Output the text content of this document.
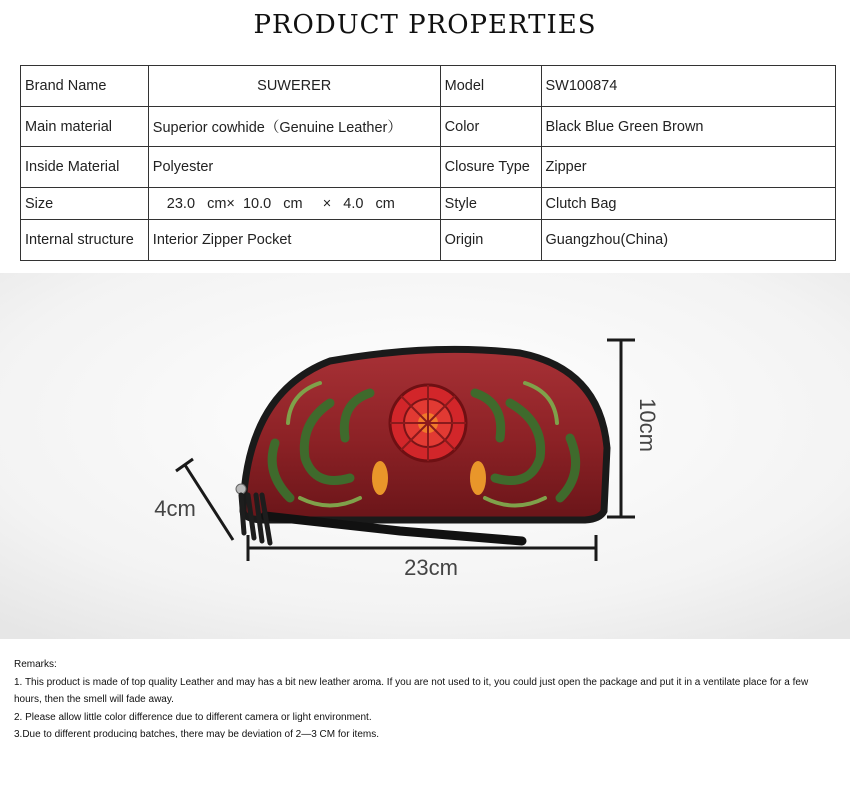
PRODUCT PROPERTIES
Brand Name	SUWERER	Model	SW100874
Main material	Superior cowhide（Genuine Leather）	Color	Black Blue Green Brown
Inside Material	Polyester	Closure Type	Zipper
Size	23.0   cm×  10.0   cm     ×   4.0   cm	Style	Clutch Bag
Internal structure	Interior Zipper Pocket	Origin	Guangzhou(China)
10cm
23cm
4cm
Remarks:
1. This product is made of top quality Leather and may has a bit new leather aroma. If you are not used to it, you could just open the package and put it in a ventilate place for a few hours, then the smell will fade away.
2. Please allow little color difference due to different camera or light environment.
3.Due to different producing batches, there may be deviation of 2—3 CM for items.
